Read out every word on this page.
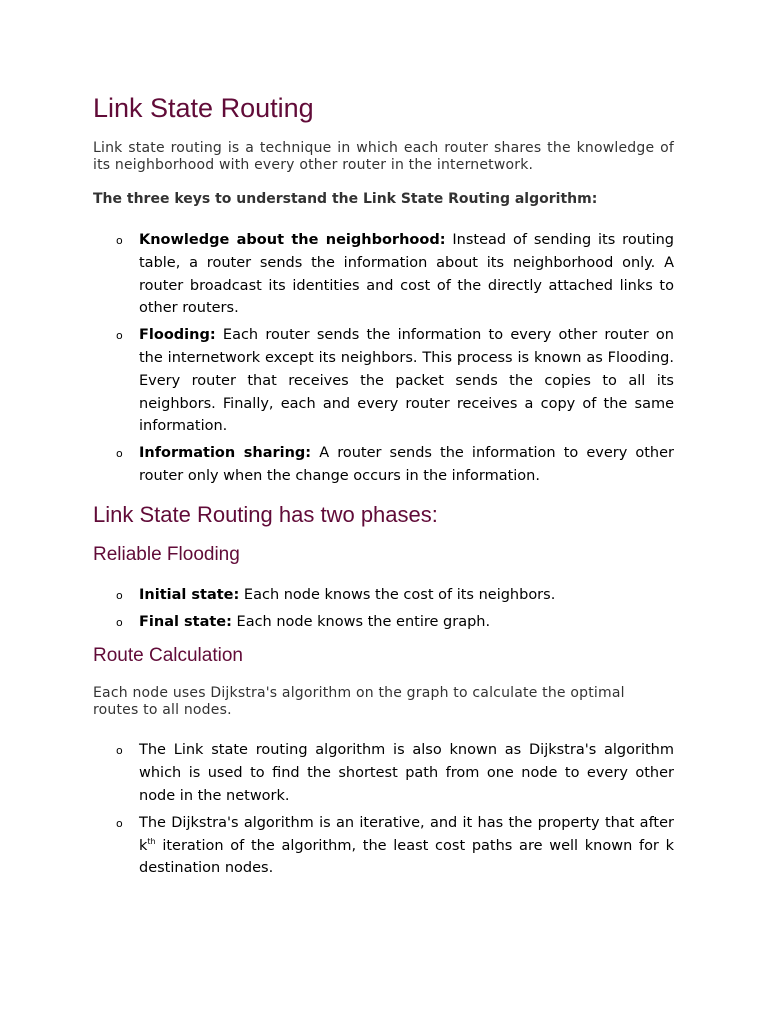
Link State Routing

Link state routing is a technique in which each router shares the knowledge of its neighborhood with every other router in the internetwork.

The three keys to understand the Link State Routing algorithm:

o Knowledge about the neighborhood: Instead of sending its routing table, a router sends the information about its neighborhood only. A router broadcast its identities and cost of the directly attached links to other routers.
o Flooding: Each router sends the information to every other router on the internetwork except its neighbors. This process is known as Flooding. Every router that receives the packet sends the copies to all its neighbors. Finally, each and every router receives a copy of the same information.
o Information sharing: A router sends the information to every other router only when the change occurs in the information.
Link State Routing has two phases:
Reliable Flooding
o Initial state: Each node knows the cost of its neighbors.
o Final state: Each node knows the entire graph.
Route Calculation

Each node uses Dijkstra's algorithm on the graph to calculate the optimal routes to all nodes.

o The Link state routing algorithm is also known as Dijkstra's algorithm which is used to find the shortest path from one node to every other node in the network.
o The Dijkstra's algorithm is an iterative, and it has the property that after $k^{th}$ iteration of the algorithm, the least cost paths are well known for k destination nodes.
